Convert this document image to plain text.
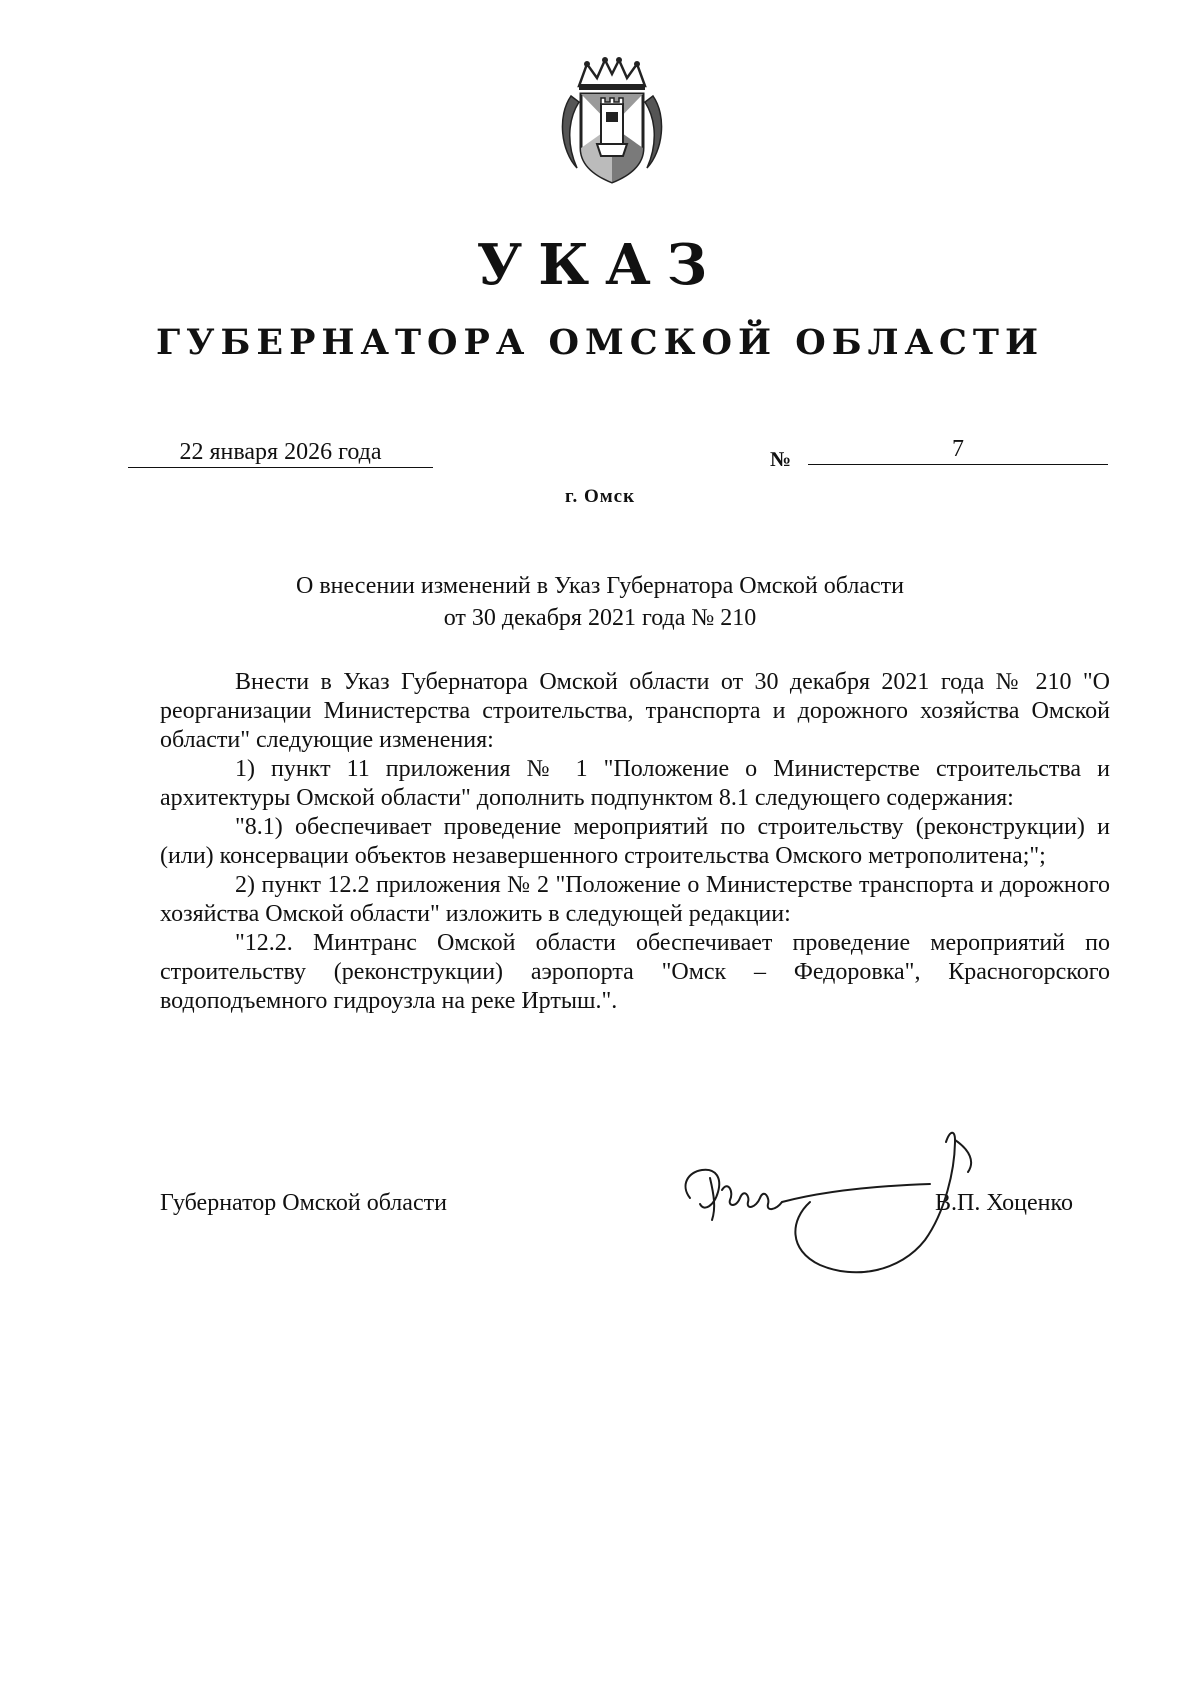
УКАЗ
ГУБЕРНАТОРА ОМСКОЙ ОБЛАСТИ
22 января 2026 года	№	7
г. Омск
О внесении изменений в Указ Губернатора Омской области
от 30 декабря 2021 года № 210

Внести в Указ Губернатора Омской области от 30 декабря 2021 года № 210 "О реорганизации Министерства строительства, транспорта и дорожного хозяйства Омской области" следующие изменения:

1) пункт 11 приложения № 1 "Положение о Министерстве строительства и архитектуры Омской области" дополнить подпунктом 8.1 следующего содержания:

"8.1) обеспечивает проведение мероприятий по строительству (реконструкции) и (или) консервации объектов незавершенного строительства Омского метрополитена;";

2) пункт 12.2 приложения № 2 "Положение о Министерстве транспорта и дорожного хозяйства Омской области" изложить в следующей редакции:

"12.2. Минтранс Омской области обеспечивает проведение мероприятий по строительству (реконструкции) аэропорта "Омск – Федоровка", Красногорского водоподъемного гидроузла на реке Иртыш.".

Губернатор Омской области	В.П. Хоценко
